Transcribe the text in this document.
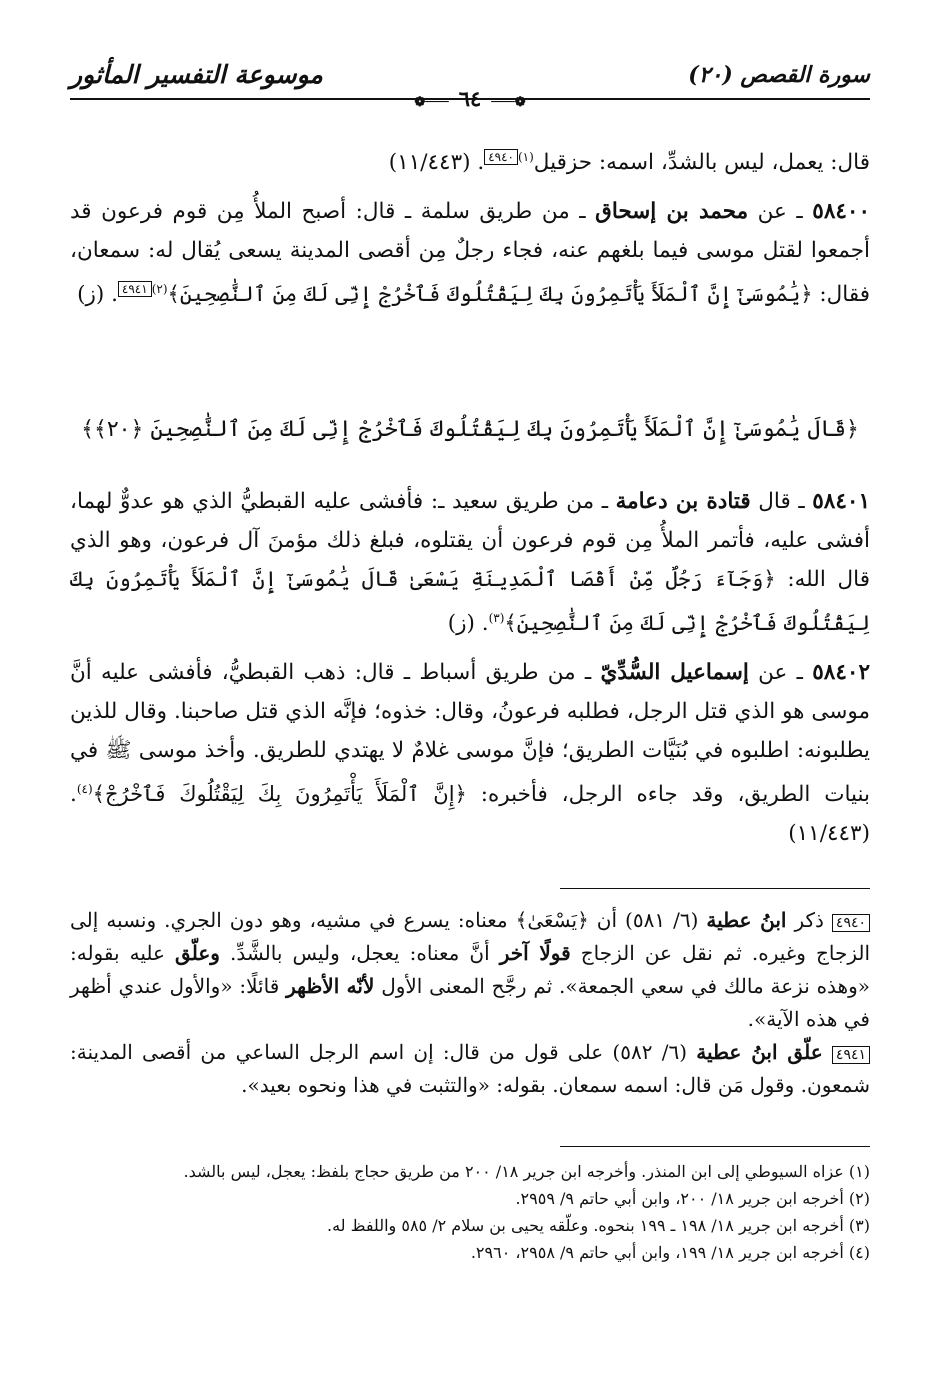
سورة القصص (٢٠)
موسوعة التفسير المأثور
❁───٦٤───❁

قال: يعمل، ليس بالشدِّ، اسمه: حزقيل$^{(١)}$٤٩٤٠. (١١/٤٤٣)

٥٨٤٠٠ ـ عن محمد بن إسحاق ـ من طريق سلمة ـ قال: أصبح الملأُ مِن قوم فرعون قد أجمعوا لقتل موسى فيما بلغهم عنه، فجاء رجلٌ مِن أقصى المدينة يسعى يُقال له: سمعان، فقال: ﴿يَٰمُوسَىٰٓ إِنَّ ٱلْمَلَأَ يَأْتَمِرُونَ بِكَ لِيَقْتُلُوكَ فَٱخْرُجْ إِنِّى لَكَ مِنَ ٱلنَّٰصِحِينَ﴾$^{(٢)}$٤٩٤١. (ز)

﴿قَالَ يَٰمُوسَىٰٓ إِنَّ ٱلْمَلَأَ يَأْتَمِرُونَ بِكَ لِيَقْتُلُوكَ فَٱخْرُجْ إِنِّى لَكَ مِنَ ٱلنَّٰصِحِينَ ﴿٢٠﴾﴾

٥٨٤٠١ ـ قال قتادة بن دعامة ـ من طريق سعيد ـ: فأفشى عليه القبطيُّ الذي هو عدوٌّ لهما، أفشى عليه، فأتمر الملأُ مِن قوم فرعون أن يقتلوه، فبلغ ذلك مؤمنَ آل فرعون، وهو الذي قال الله: ﴿وَجَآءَ رَجُلٌ مِّنْ أَقْصَا ٱلْمَدِينَةِ يَسْعَىٰ قَالَ يَٰمُوسَىٰٓ إِنَّ ٱلْمَلَأَ يَأْتَمِرُونَ بِكَ لِيَقْتُلُوكَ فَٱخْرُجْ إِنِّى لَكَ مِنَ ٱلنَّٰصِحِينَ﴾$^{(٣)}$. (ز)

٥٨٤٠٢ ـ عن إسماعيل السُّدِّيّ ـ من طريق أسباط ـ قال: ذهب القبطيُّ، فأفشى عليه أنَّ موسى هو الذي قتل الرجل، فطلبه فرعونُ، وقال: خذوه؛ فإنَّه الذي قتل صاحبنا. وقال للذين يطلبونه: اطلبوه في بُنَيَّات الطريق؛ فإنَّ موسى غلامٌ لا يهتدي للطريق. وأخذ موسى ﷺ في بنيات الطريق، وقد جاءه الرجل، فأخبره: ﴿إِنَّ ٱلْمَلَأَ يَأْتَمِرُونَ بِكَ لِيَقْتُلُوكَ فَٱخْرُجْ﴾$^{(٤)}$. (١١/٤٤٣)

٤٩٤٠ ذكر ابنُ عطية (٦/ ٥٨١) أن ﴿يَسْعَىٰ﴾ معناه: يسرع في مشيه، وهو دون الجري. ونسبه إلى الزجاج وغيره. ثم نقل عن الزجاج قولًا آخر أنَّ معناه: يعجل، وليس بالشَّدِّ. وعلّق عليه بقوله: «وهذه نزعة مالك في سعي الجمعة». ثم رجَّح المعنى الأول لأنّه الأظهر قائلًا: «والأول عندي أظهر في هذه الآية».

٤٩٤١ علّق ابنُ عطية (٦/ ٥٨٢) على قول من قال: إن اسم الرجل الساعي من أقصى المدينة: شمعون. وقول مَن قال: اسمه سمعان. بقوله: «والتثبت في هذا ونحوه بعيد».

(١) عزاه السيوطي إلى ابن المنذر. وأخرجه ابن جرير ١٨/ ٢٠٠ من طريق حجاج بلفظ: يعجل، ليس بالشد.

(٢) أخرجه ابن جرير ١٨/ ٢٠٠، وابن أبي حاتم ٩/ ٢٩٥٩.

(٣) أخرجه ابن جرير ١٨/ ١٩٨ ـ ١٩٩ بنحوه. وعلّقه يحيى بن سلام ٢/ ٥٨٥ واللفظ له.

(٤) أخرجه ابن جرير ١٨/ ١٩٩، وابن أبي حاتم ٩/ ٢٩٥٨، ٢٩٦٠.
